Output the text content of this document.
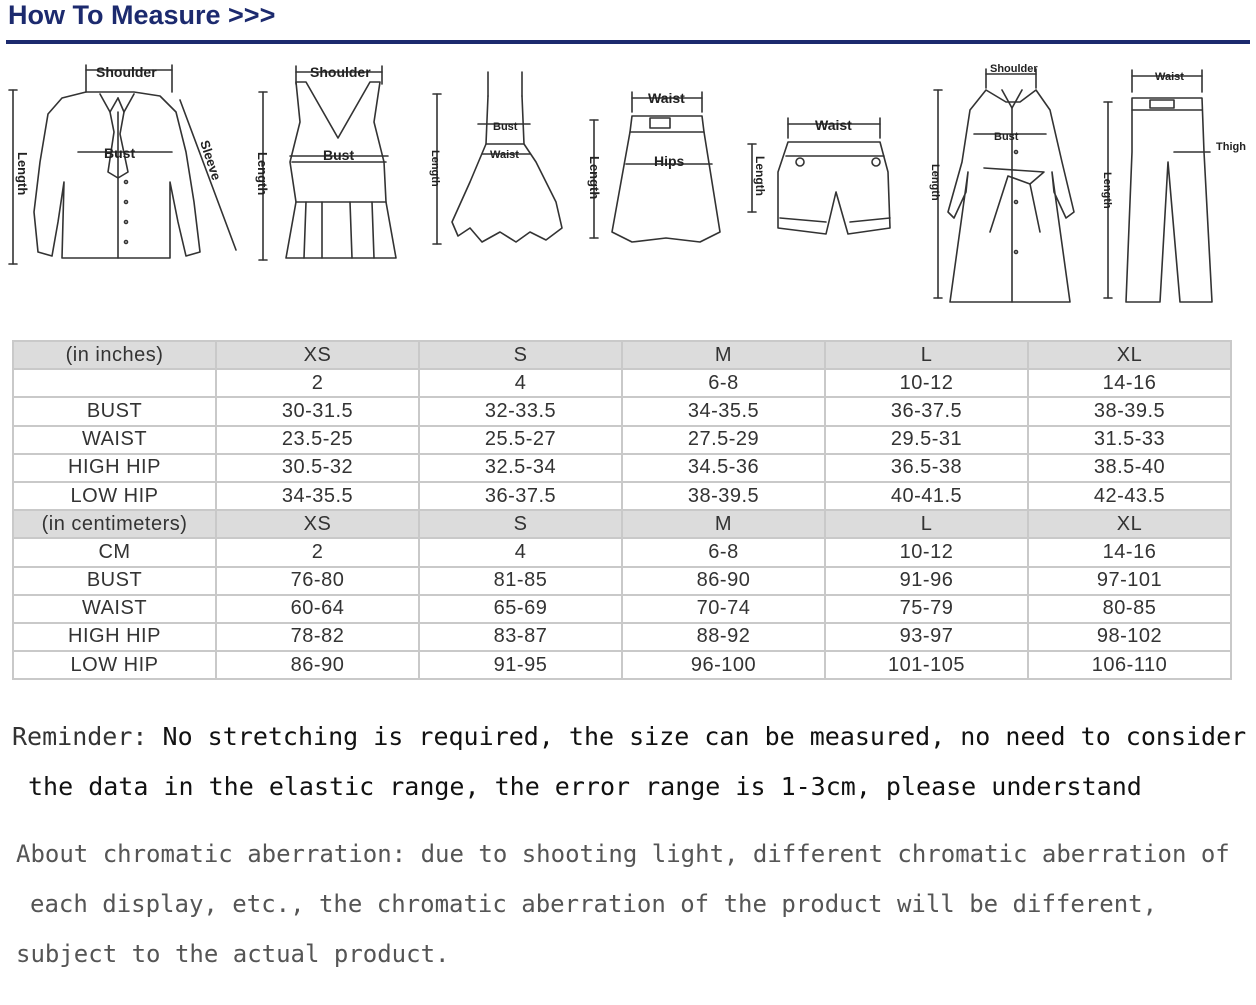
How To Measure >>>
Shoulder
Bust	Sleeve
Length
Shoulder
Bust
Length
Bust
Waist
Length
Waist
Hips
Length
Waist
Length
Shoulder
Bust
Length
Waist
Thigh
Length
(in inches)	XS	S	M	L	XL
	2	4	6-8	10-12	14-16
BUST	30-31.5	32-33.5	34-35.5	36-37.5	38-39.5
WAIST	23.5-25	25.5-27	27.5-29	29.5-31	31.5-33
HIGH HIP	30.5-32	32.5-34	34.5-36	36.5-38	38.5-40
LOW HIP	34-35.5	36-37.5	38-39.5	40-41.5	42-43.5
(in centimeters)	XS	S	M	L	XL
CM	2	4	6-8	10-12	14-16
BUST	76-80	81-85	86-90	91-96	97-101
WAIST	60-64	65-69	70-74	75-79	80-85
HIGH HIP	78-82	83-87	88-92	93-97	98-102
LOW HIP	86-90	91-95	96-100	101-105	106-110
Reminder: No stretching is required, the size can be measured, no need to consider
the data in the elastic range, the error range is 1-3cm, please understand
About chromatic aberration: due to shooting light, different chromatic aberration of
each display, etc., the chromatic aberration of the product will be different,
subject to the actual product.
